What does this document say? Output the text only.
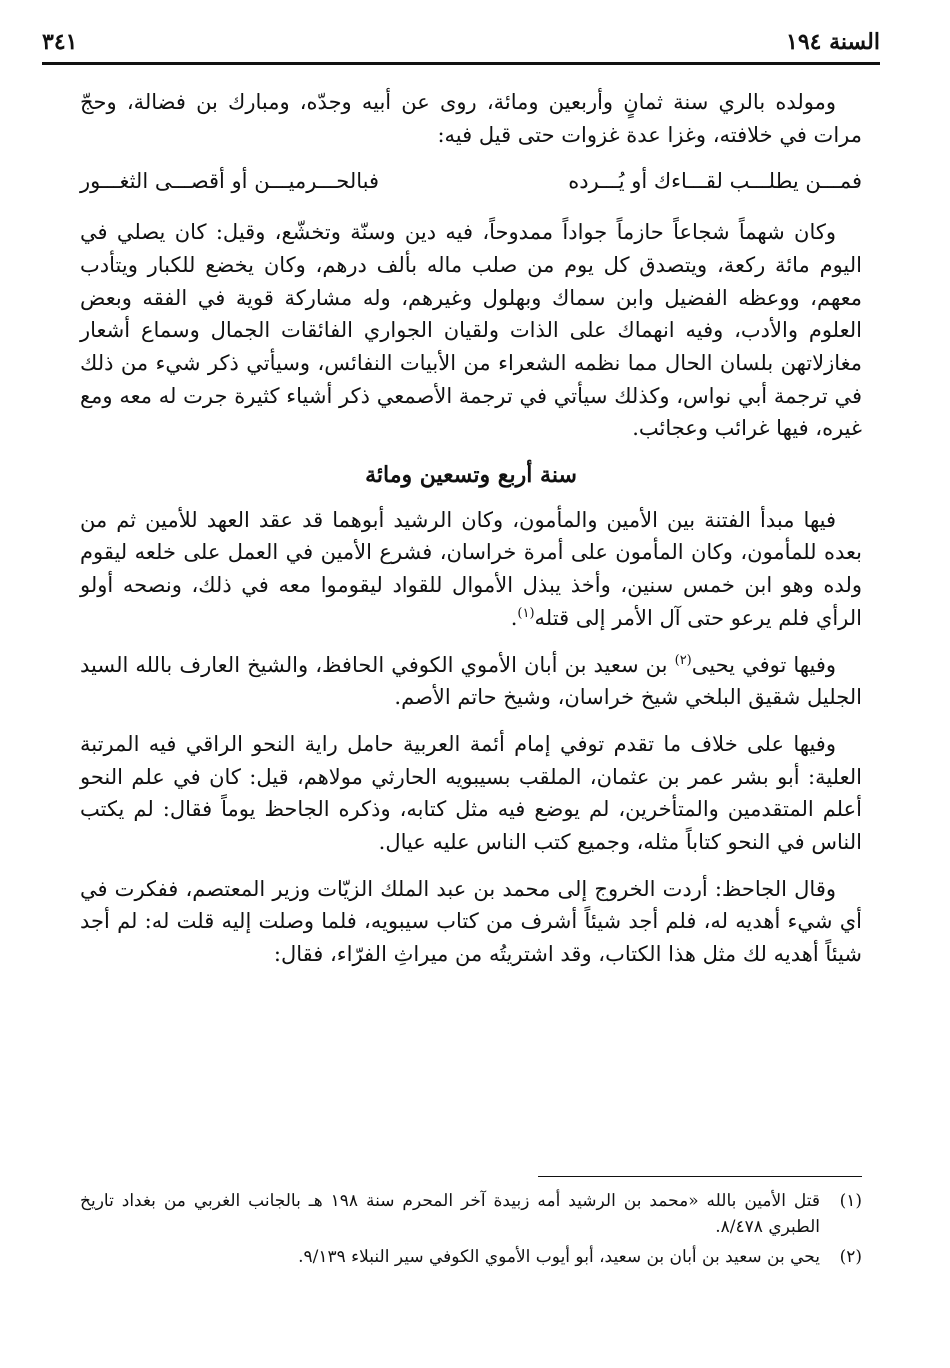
٣٤١	السنة ١٩٤

ومولده بالري سنة ثمانٍ وأربعين ومائة، روى عن أبيه وجدّه، ومبارك بن فضالة، وحجّ مرات في خلافته، وغزا عدة غزوات حتى قيل فيه:

فمـــن يطلـــب لقـــاءك أو يُـــرده
فبالحـــرميـــن أو أقصـــى الثغـــور

وكان شهماً شجاعاً حازماً جواداً ممدوحاً، فيه دين وسنّة وتخشّع، وقيل: كان يصلي في اليوم مائة ركعة، ويتصدق كل يوم من صلب ماله بألف درهم، وكان يخضع للكبار ويتأدب معهم، ووعظه الفضيل وابن سماك وبهلول وغيرهم، وله مشاركة قوية في الفقه وبعض العلوم والأدب، وفيه انهماك على الذات ولقيان الجواري الفائقات الجمال وسماع أشعار مغازلاتهن بلسان الحال مما نظمه الشعراء من الأبيات النفائس، وسيأتي ذكر شيء من ذلك في ترجمة أبي نواس، وكذلك سيأتي في ترجمة الأصمعي ذكر أشياء كثيرة جرت له معه ومع غيره، فيها غرائب وعجائب.

سنة أربع وتسعين ومائة

فيها مبدأ الفتنة بين الأمين والمأمون، وكان الرشيد أبوهما قد عقد العهد للأمين ثم من بعده للمأمون، وكان المأمون على أمرة خراسان، فشرع الأمين في العمل على خلعه ليقوم ولده وهو ابن خمس سنين، وأخذ يبذل الأموال للقواد ليقوموا معه في ذلك، ونصحه أولو الرأي فلم يرعو حتى آل الأمر إلى قتله$^{(١)}$.

وفيها توفي يحيى$^{(٢)}$ بن سعيد بن أبان الأموي الكوفي الحافظ، والشيخ العارف بالله السيد الجليل شقيق البلخي شيخ خراسان، وشيخ حاتم الأصم.

وفيها على خلاف ما تقدم توفي إمام أئمة العربية حامل راية النحو الراقي فيه المرتبة العلية: أبو بشر عمر بن عثمان، الملقب بسيبويه الحارثي مولاهم، قيل: كان في علم النحو أعلم المتقدمين والمتأخرين، لم يوضع فيه مثل كتابه، وذكره الجاحظ يوماً فقال: لم يكتب الناس في النحو كتاباً مثله، وجميع كتب الناس عليه عيال.

وقال الجاحظ: أردت الخروج إلى محمد بن عبد الملك الزيّات وزير المعتصم، ففكرت في أي شيء أهديه له، فلم أجد شيئاً أشرف من كتاب سيبويه، فلما وصلت إليه قلت له: لم أجد شيئاً أهديه لك مثل هذا الكتاب، وقد اشتريتُه من ميراثِ الفرّاء، فقال:

(١)
قتل الأمين بالله «محمد بن الرشيد أمه زبيدة آخر المحرم سنة ١٩٨ هـ بالجانب الغربي من بغداد تاريخ الطبري ٨/٤٧٨.
(٢)
يحي بن سعيد بن أبان بن سعيد، أبو أيوب الأموي الكوفي سير النبلاء ٩/١٣٩.
